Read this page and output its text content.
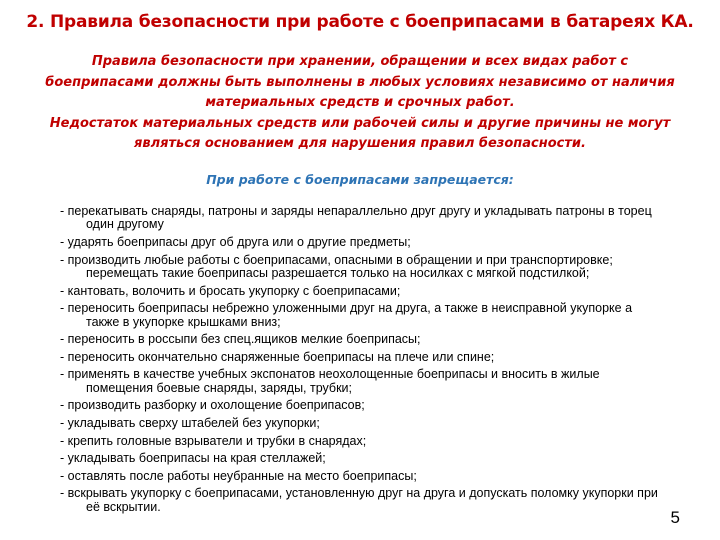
2. Правила безопасности при работе с боеприпасами в батареях КА.

Правила безопасности при хранении, обращении и всех видах работ с боеприпасами должны быть выполнены в любых условиях независимо от наличия материальных средств и срочных работ.

Недостаток материальных средств или рабочей силы и другие причины не могут являться основанием для нарушения правил безопасности.

При работе с боеприпасами запрещается:
- перекатывать снаряды, патроны и заряды непараллельно друг другу и укладывать патроны в торец один другому
- ударять боеприпасы друг об друга или о другие предметы;
- производить любые работы с боеприпасами, опасными в обращении и при транспортировке; перемещать такие боеприпасы разрешается только на носилках с мягкой подстилкой;
- кантовать, волочить и бросать укупорку с боеприпасами;
- переносить боеприпасы небрежно уложенными друг на друга, а также в неисправной укупорке а также в укупорке крышками вниз;
- переносить в россыпи без спец.ящиков мелкие боеприпасы;
- переносить окончательно снаряженные боеприпасы на плече или спине;
- применять в качестве учебных экспонатов неохолощенные боеприпасы и вносить в жилые помещения боевые снаряды, заряды, трубки;
- производить разборку и охолощение боеприпасов;
- укладывать сверху штабелей без укупорки;
- крепить головные взрыватели и трубки в снарядах;
- укладывать боеприпасы на края стеллажей;
- оставлять после работы неубранные на место боеприпасы;
- вскрывать укупорку с боеприпасами, установленную друг на друга и допускать поломку укупорки при её вскрытии.
5
